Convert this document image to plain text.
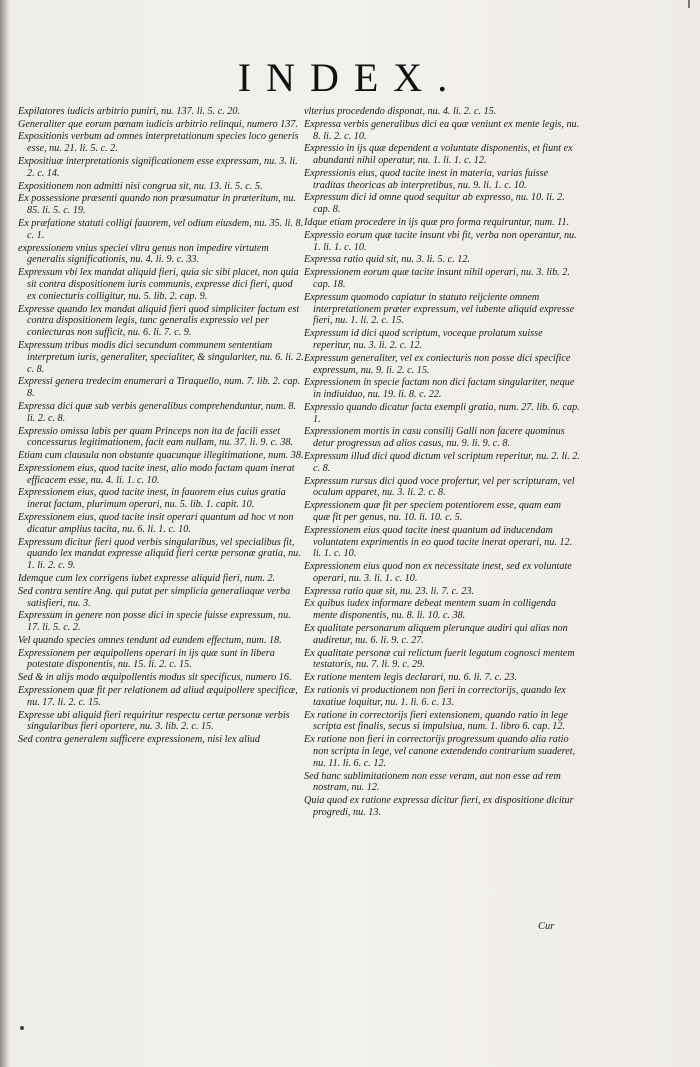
INDEX.

Expilatores iudicis arbitrio puniri, nu. 137. li. 5. c. 20.

Generaliter que eorum pœnam iudicis arbitrio relinqui, numero 137.

Expositionis verbum ad omnes interpretationum species loco generis esse, nu. 21. li. 5. c. 2.

Expositiuæ interpretationis significationem esse expressam, nu. 3. li. 2. c. 14.

Expositionem non admitti nisi congrua sit, nu. 13. li. 5. c. 5.

Ex possessione præsenti quando non præsumatur in præteritum, nu. 85. li. 5. c. 19.

Ex præfatione statuti colligi fauorem, vel odium eiusdem, nu. 35. li. 8. c. 1.

expressionem vnius speciei vltra genus non impedire virtutem generalis significationis, nu. 4. li. 9. c. 33.

Expressum vbi lex mandat aliquid fieri, quia sic sibi placet, non quia sit contra dispositionem iuris communis, expresse dici fieri, quod ex coniecturis colligitur, nu. 5. lib. 2. cap. 9.

Expresse quando lex mandat aliquid fieri quod simpliciter factum est contra dispositionem legis, tunc generalis expressio vel per coniecturas non sufficit, nu. 6. li. 7. c. 9.

Expressum tribus modis dici secundum communem sententiam interpretum iuris, generaliter, specialiter, & singulariter, nu. 6. li. 2. c. 8.

Expressi genera tredecim enumerari a Tiraquello, num. 7. lib. 2. cap. 8.

Expressa dici quæ sub verbis generalibus comprehenduntur, num. 8. li. 2. c. 8.

Expressio omissa labis per quam Princeps non ita de facili esset concessurus legitimationem, facit eam nullam, nu. 37. li. 9. c. 38.

Etiam cum clausula non obstante quacunque illegitimatione, num. 38.

Expressionem eius, quod tacite inest, alio modo factam quam inerat efficacem esse, nu. 4. li. 1. c. 10.

Expressionem eius, quod tacite inest, in fauorem eius cuius gratia inerat factam, plurimum operari, nu. 5. lib. 1. capit. 10.

Expressionem eius, quod tacite insit operari quantum ad hoc vt non dicatur amplius tacita, nu. 6. li. 1. c. 10.

Expressum dicitur fieri quod verbis singularibus, vel specialibus fit, quando lex mandat expresse aliquid fieri certæ personæ gratia, nu. 1. li. 2. c. 9.

Idemque cum lex corrigens iubet expresse aliquid fieri, num. 2.

Sed contra sentire Ang. qui putat per simplicia generaliaque verba satisfieri, nu. 3.

Expressum in genere non posse dici in specie fuisse expressum, nu. 17. li. 5. c. 2.

Vel quando species omnes tendunt ad eundem effectum, num. 18.

Expressionem per æquipollens operari in ijs quæ sunt in libera potestate disponentis, nu. 15. li. 2. c. 15.

Sed & in alijs modo æquipollentis modus sit specificus, numero 16.

Expressionem quæ fit per relationem ad aliud æquipollere specificæ, nu. 17. li. 2. c. 15.

Expresse ubi aliquid fieri requiritur respectu certæ personæ verbis singularibus fieri oportere, nu. 3. lib. 2. c. 15.

Sed contra generalem sufficere expressionem, nisi lex aliud

vlterius procedendo disponat, nu. 4. li. 2. c. 15.

Expressa verbis generalibus dici ea quæ veniunt ex mente legis, nu. 8. li. 2. c. 10.

Expressio in ijs quæ dependent a voluntate disponentis, et fiunt ex abundanti nihil operatur, nu. 1. li. 1. c. 12.

Expressionis eius, quod tacite inest in materia, varias fuisse traditas theoricas ab interpretibus, nu. 9. li. 1. c. 10.

Expressum dici id omne quod sequitur ab expresso, nu. 10. li. 2. cap. 8.

Idque etiam procedere in ijs quæ pro forma requiruntur, num. 11.

Expressio eorum quæ tacite insunt vbi fit, verba non operantur, nu. 1. li. 1. c. 10.

Expressa ratio quid sit, nu. 3. li. 5. c. 12.

Expressionem eorum quæ tacite insunt nihil operari, nu. 3. lib. 2. cap. 18.

Expressum quomodo capiatur in statuto reijciente omnem interpretationem præter expressum, vel iubente aliquid expresse fieri, nu. 1. li. 2. c. 15.

Expressum id dici quod scriptum, voceque prolatum suisse reperitur, nu. 3. li. 2. c. 12.

Expressum generaliter, vel ex coniecturis non posse dici specifice expressum, nu. 9. li. 2. c. 15.

Expressionem in specie factam non dici factam singulariter, neque in indiuiduo, nu. 19. li. 8. c. 22.

Expressio quando dicatur facta exempli gratia, num. 27. lib. 6. cap. 1.

Expressionem mortis in casu consilij Galli non facere quominus detur progressus ad alios casus, nu. 9. li. 9. c. 8.

Expressum illud dici quod dictum vel scriptum reperitur, nu. 2. li. 2. c. 8.

Expressum rursus dici quod voce profertur, vel per scripturam, vel oculum apparet, nu. 3. li. 2. c. 8.

Expressionem quæ fit per speciem potentiorem esse, quam eam quæ fit per genus, nu. 10. li. 10. c. 5.

Expressionem eius quod tacite inest quantum ad inducendam voluntatem exprimentis in eo quod tacite inerat operari, nu. 12. li. 1. c. 10.

Expressionem eius quod non ex necessitate inest, sed ex voluntate operari, nu. 3. li. 1. c. 10.

Expressa ratio quæ sit, nu. 23. li. 7. c. 23.

Ex quibus iudex informare debeat mentem suam in colligenda mente disponentis, nu. 8. li. 10. c. 38.

Ex qualitate personarum aliquem plerunque audiri qui alias non audiretur, nu. 6. li. 9. c. 27.

Ex qualitate personæ cui relictum fuerit legatum cognosci mentem testatoris, nu. 7. li. 9. c. 29.

Ex ratione mentem legis declarari, nu. 6. li. 7. c. 23.

Ex rationis vi productionem non fieri in correctorijs, quando lex taxatiue loquitur, nu. 1. li. 6. c. 13.

Ex ratione in correctorijs fieri extensionem, quando ratio in lege scripta est finalis, secus si impulsiua, num. 1. libro 6. cap. 12.

Ex ratione non fieri in correctorijs progressum quando alia ratio non scripta in lege, vel canone extendendo contrarium suaderet, nu. 11. li. 6. c. 12.

Sed hanc sublimitationem non esse veram, aut non esse ad rem nostram, nu. 12.

Quia quod ex ratione expressa dicitur fieri, ex dispositione dicitur progredi, nu. 13.

Cur
